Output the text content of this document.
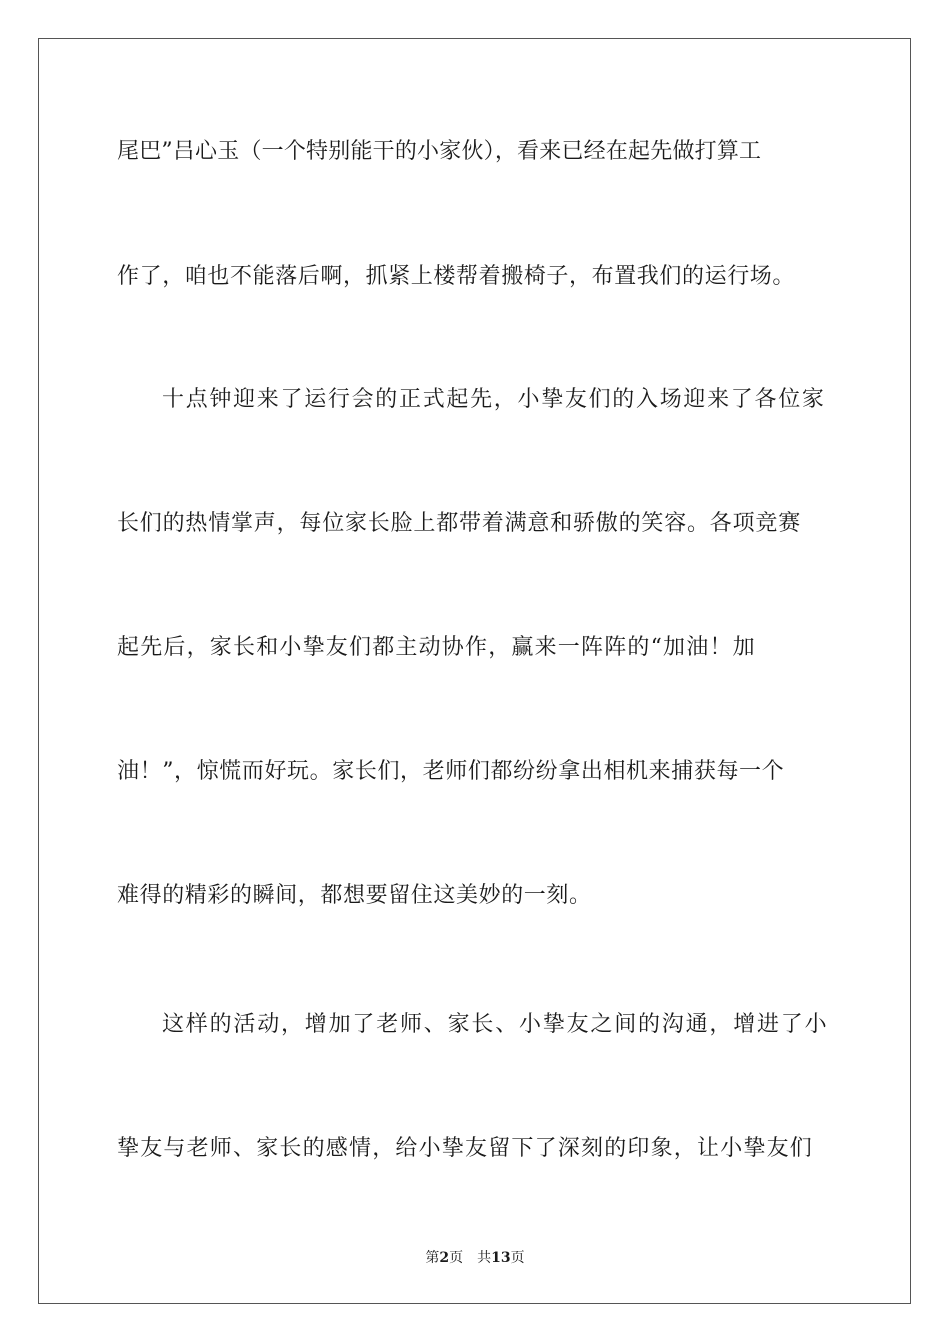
尾巴”吕心玉（一个特别能干的小家伙），看来已经在起先做打算工
作了，咱也不能落后啊，抓紧上楼帮着搬椅子，布置我们的运行场。
十点钟迎来了运行会的正式起先，小挚友们的入场迎来了各位家
长们的热情掌声，每位家长脸上都带着满意和骄傲的笑容。各项竞赛
起先后，家长和小挚友们都主动协作，赢来一阵阵的“加油！加
油！”，惊慌而好玩。家长们，老师们都纷纷拿出相机来捕获每一个
难得的精彩的瞬间，都想要留住这美妙的一刻。
这样的活动，增加了老师、家长、小挚友之间的沟通，增进了小
挚友与老师、家长的感情，给小挚友留下了深刻的印象，让小挚友们
第2页 共13页
